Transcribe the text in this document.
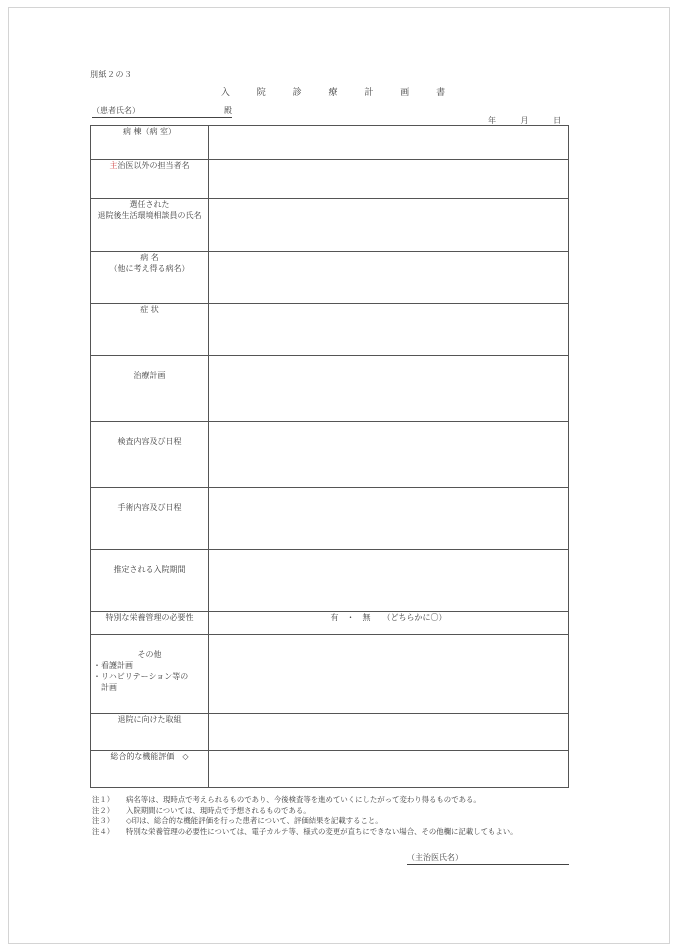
別紙２の３
入 院 診 療 計 画 書
（患者氏名）	殿
年	月	日
病 棟（病 室）	

主治医以外の担当者名	

選任された
退院後生活環境相談員の氏名	

病 名
（他に考え得る病名）	

症 状	

治療計画	
検査内容及び日程	
手術内容及び日程	
推定される入院期間	

特別な栄養管理の必要性	有　・　無　　（どちらかに〇）

その他
・看護計画
・リハビリテーション等の
　計画	

退院に向けた取組	

総合的な機能評価　◇	

注１） 病名等は、現時点で考えられるものであり、今後検査等を進めていくにしたがって変わり得るものである。
注２） 入院期間については、現時点で予想されるものである。
注３） ◇印は、総合的な機能評価を行った患者について、評価結果を記載すること。
注４） 特別な栄養管理の必要性については、電子カルテ等、様式の変更が直ちにできない場合、その他欄に記載してもよい。
（主治医氏名）
